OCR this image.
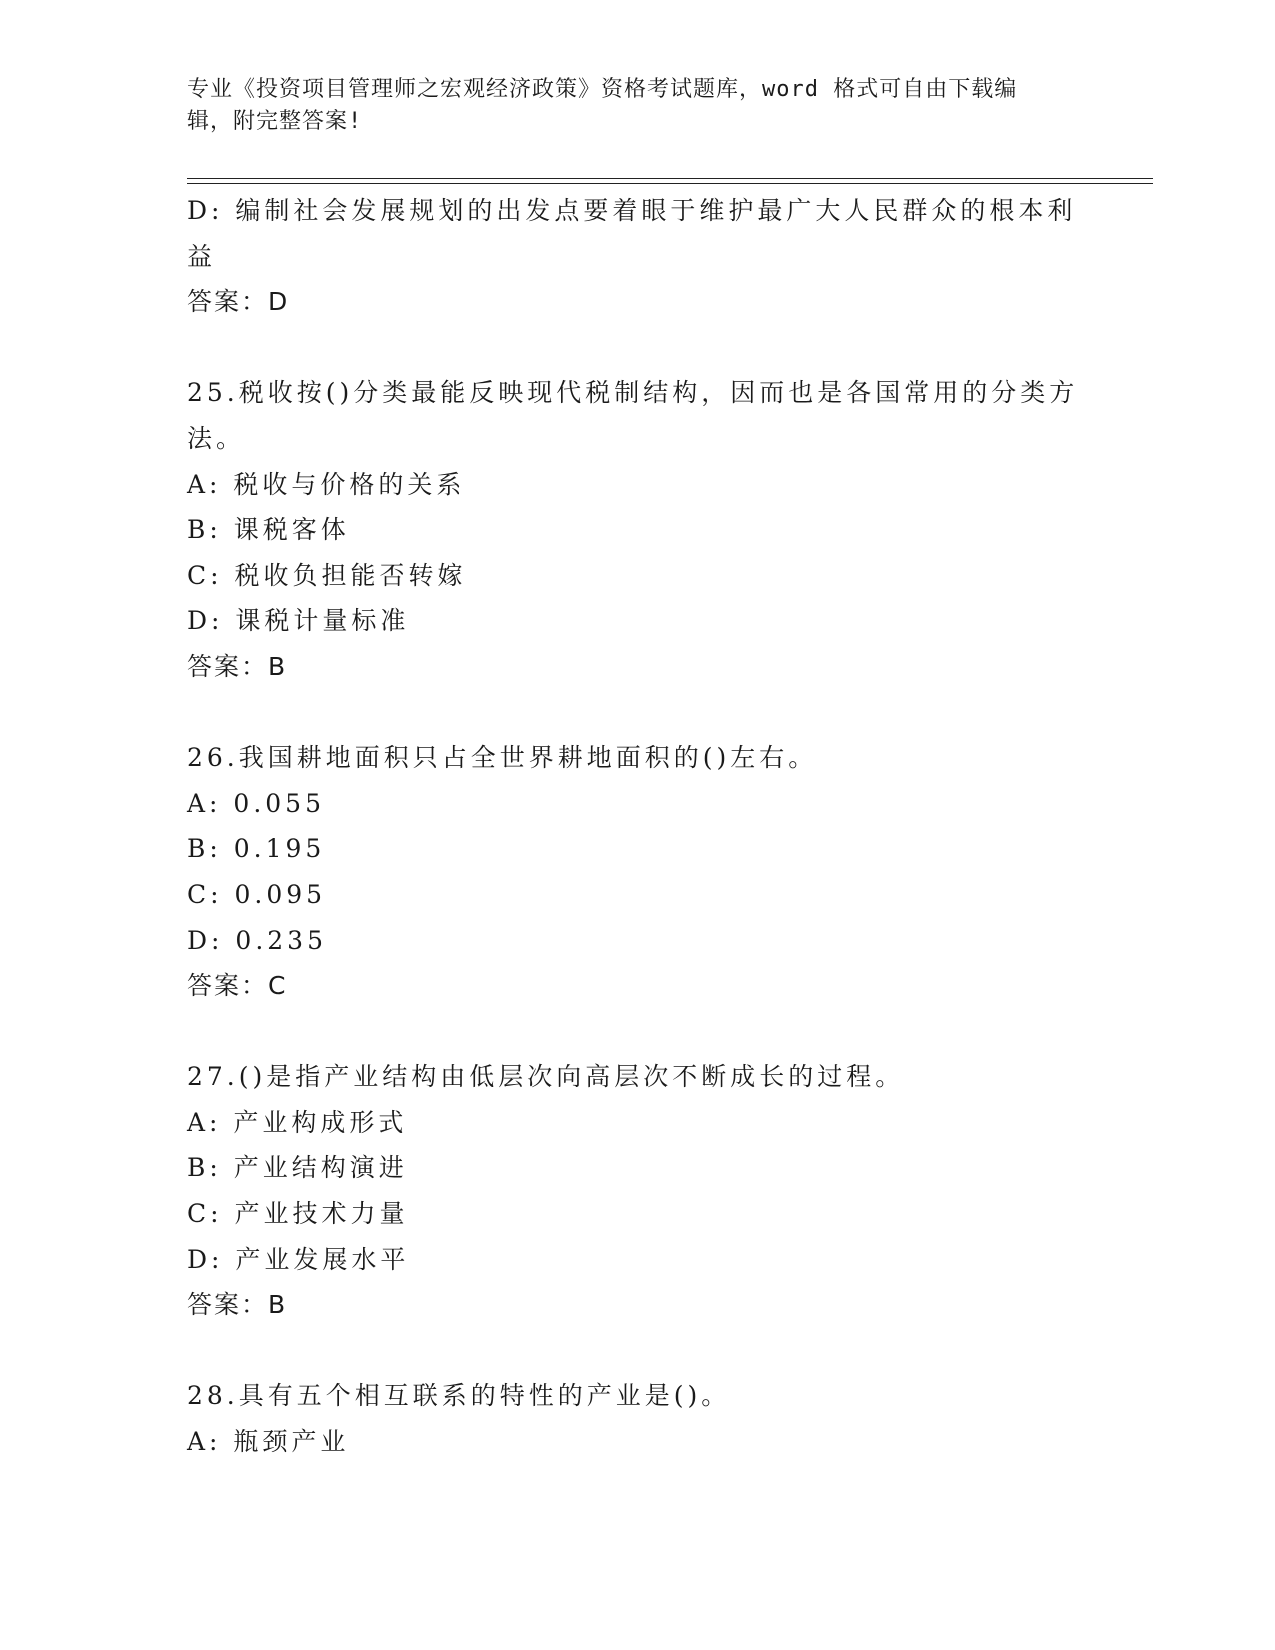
专业《投资项目管理师之宏观经济政策》资格考试题库，word 格式可自由下载编
辑，附完整答案!
D: 编制社会发展规划的出发点要着眼于维护最广大人民群众的根本利
益
答案：D
25.税收按()分类最能反映现代税制结构，因而也是各国常用的分类方
法。
A: 税收与价格的关系
B: 课税客体
C: 税收负担能否转嫁
D: 课税计量标准
答案：B
26.我国耕地面积只占全世界耕地面积的()左右。
A: 0.055
B: 0.195
C: 0.095
D: 0.235
答案：C
27.()是指产业结构由低层次向高层次不断成长的过程。
A: 产业构成形式
B: 产业结构演进
C: 产业技术力量
D: 产业发展水平
答案：B
28.具有五个相互联系的特性的产业是()。
A: 瓶颈产业
